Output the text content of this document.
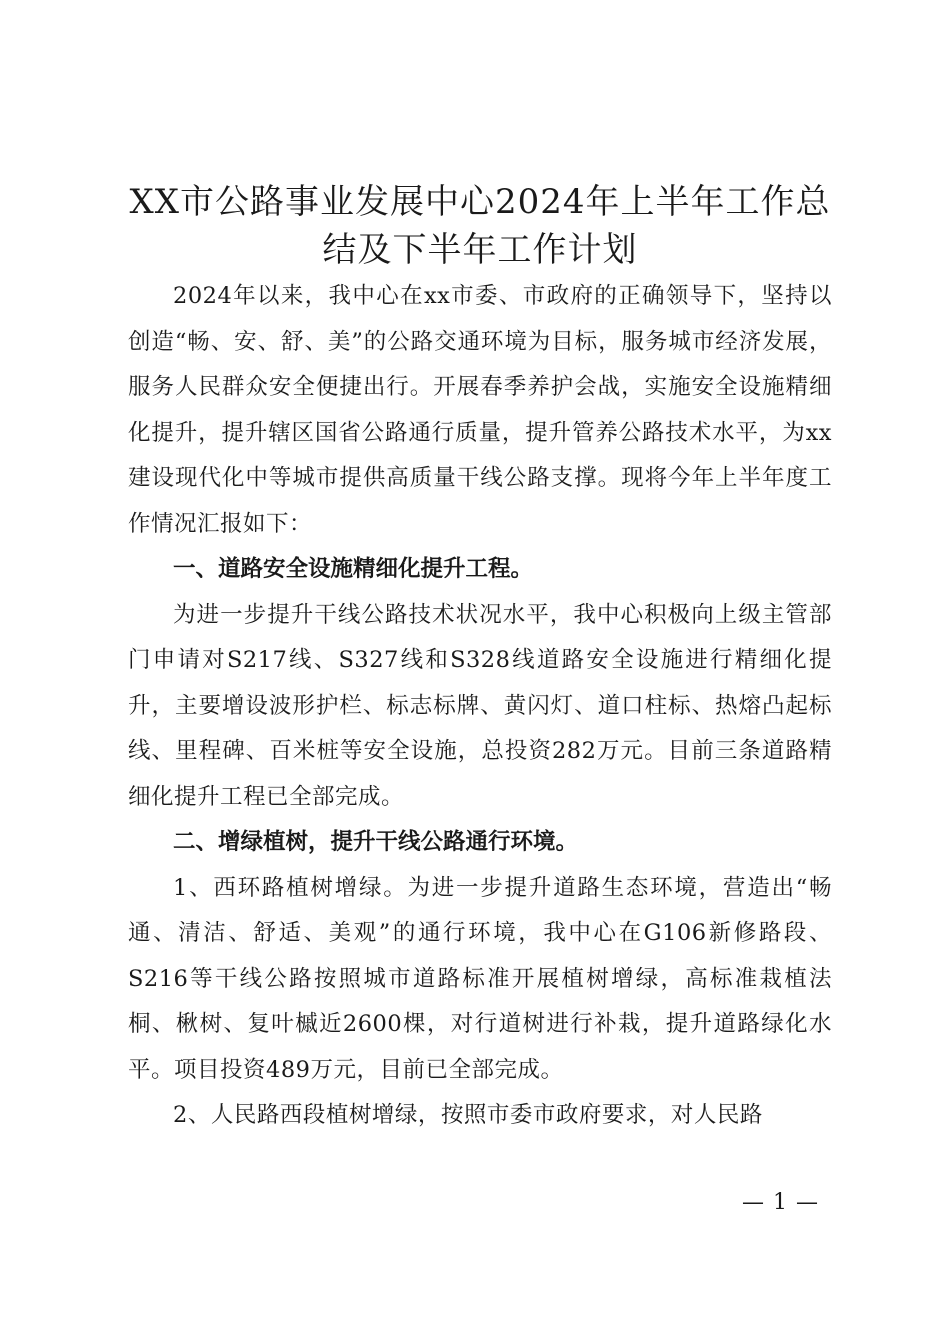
XX市公路事业发展中心2024年上半年工作总
结及下半年工作计划

2024年以来，我中心在xx市委、市政府的正确领导下，坚持以创造“畅、安、舒、美”的公路交通环境为目标，服务城市经济发展，服务人民群众安全便捷出行。开展春季养护会战，实施安全设施精细化提升，提升辖区国省公路通行质量，提升管养公路技术水平，为xx建设现代化中等城市提供高质量干线公路支撑。现将今年上半年度工作情况汇报如下：

一、道路安全设施精细化提升工程。

为进一步提升干线公路技术状况水平，我中心积极向上级主管部门申请对S217线、S327线和S328线道路安全设施进行精细化提升，主要增设波形护栏、标志标牌、黄闪灯、道口柱标、热熔凸起标线、里程碑、百米桩等安全设施，总投资282万元。目前三条道路精细化提升工程已全部完成。

二、增绿植树，提升干线公路通行环境。

1、西环路植树增绿。为进一步提升道路生态环境，营造出“畅通、清洁、舒适、美观”的通行环境，我中心在G106新修路段、S216等干线公路按照城市道路标准开展植树增绿，高标准栽植法桐、楸树、复叶槭近2600棵，对行道树进行补栽，提升道路绿化水平。项目投资489万元，目前已全部完成。

2、人民路西段植树增绿，按照市委市政府要求，对人民路

— 1 —
